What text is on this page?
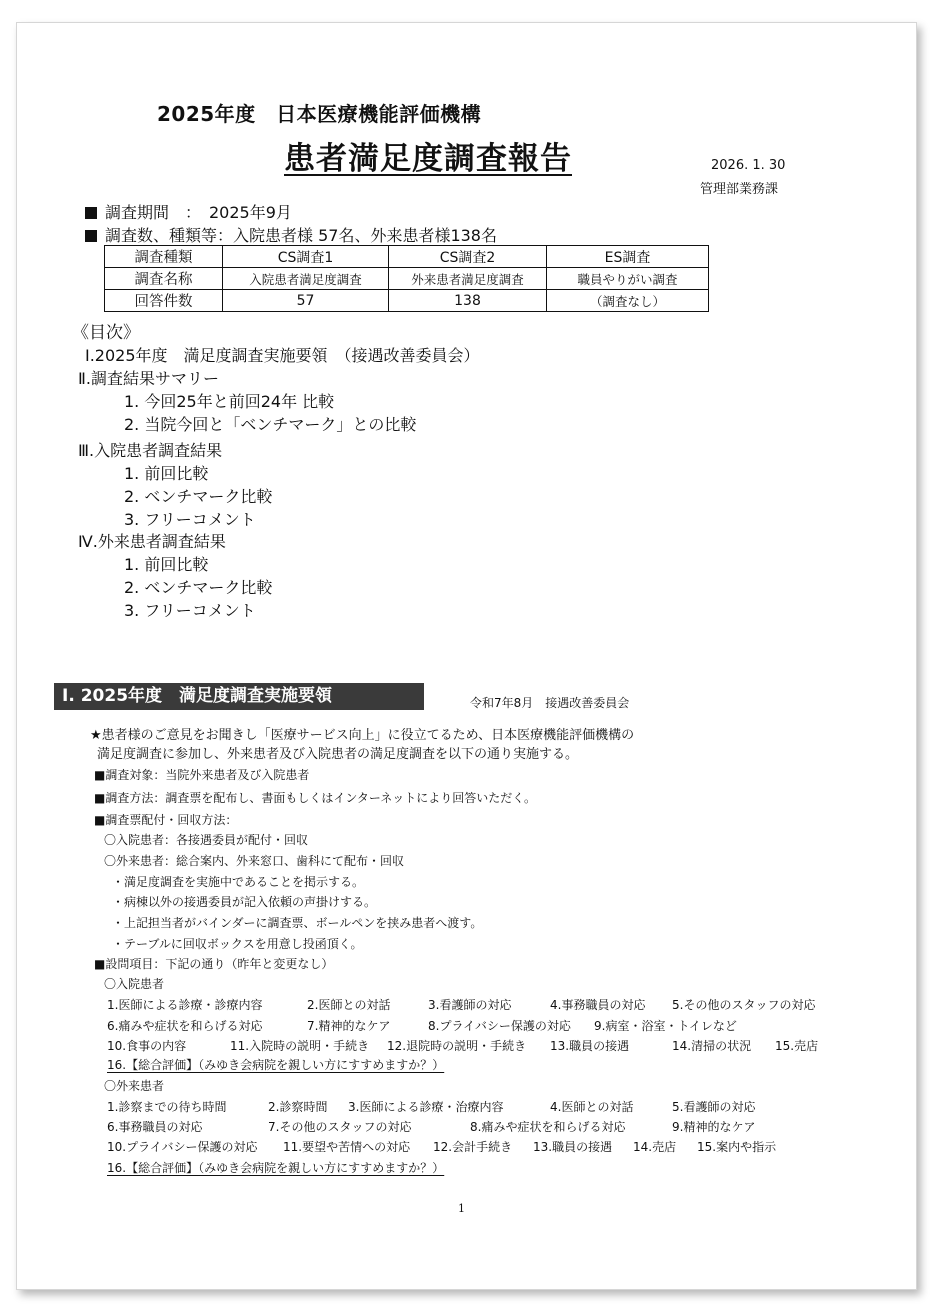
2025年度　日本医療機能評価機構
患者満足度調査報告	2026. 1. 30
管理部業務課
調査期間　：　2025年9月
調査数、種類等：入院患者様 57名、外来患者様138名
調査種類	CS調査1	CS調査2	ES調査
調査名称	入院患者満足度調査	外来患者満足度調査	職員やりがい調査
回答件数	57	138	（調査なし）
《目次》
Ⅰ.2025年度　満足度調査実施要領　（接遇改善委員会）
Ⅱ.調査結果サマリー
1. 今回25年と前回24年 比較
2. 当院今回と「ベンチマーク」との比較
Ⅲ.入院患者調査結果
1. 前回比較
2. ベンチマーク比較
3. フリーコメント
Ⅳ.外来患者調査結果
1. 前回比較
2. ベンチマーク比較
3. フリーコメント
Ⅰ. 2025年度　満足度調査実施要領	令和7年8月　接遇改善委員会
★患者様のご意見をお聞きし「医療サービス向上」に役立てるため、日本医療機能評価機構の
満足度調査に参加し、外来患者及び入院患者の満足度調査を以下の通り実施する。
■調査対象：当院外来患者及び入院患者
■調査方法：調査票を配布し、書面もしくはインターネットにより回答いただく。
■調査票配付・回収方法：
〇入院患者：各接遇委員が配付・回収
〇外来患者：総合案内、外来窓口、歯科にて配布・回収
・満足度調査を実施中であることを掲示する。
・病棟以外の接遇委員が記入依頼の声掛けする。
・上記担当者がバインダーに調査票、ボールペンを挟み患者へ渡す。
・テーブルに回収ボックスを用意し投函頂く。
■設問項目：下記の通り（昨年と変更なし）
〇入院患者
1.医師による診療・診療内容	2.医師との対話	3.看護師の対応	4.事務職員の対応 5.その他のスタッフの対応
6.痛みや症状を和らげる対応	7.精神的なケア	8.プライバシー保護の対応 9.病室・浴室・トイレなど
10.食事の内容	11.入院時の説明・手続き 12.退院時の説明・手続き 13.職員の接遇	14.清掃の状況 15.売店
16.【総合評価】（みゆき会病院を親しい方にすすめますか？）
〇外来患者
1.診察までの待ち時間	2.診察時間 3.医師による診療・治療内容	4.医師との対話	5.看護師の対応
6.事務職員の対応	7.その他のスタッフの対応	8.痛みや症状を和らげる対応	9.精神的なケア
10.プライバシー保護の対応 11.要望や苦情への対応 12.会計手続き 13.職員の接遇 14.売店 15.案内や指示
16.【総合評価】（みゆき会病院を親しい方にすすめますか？）
1
